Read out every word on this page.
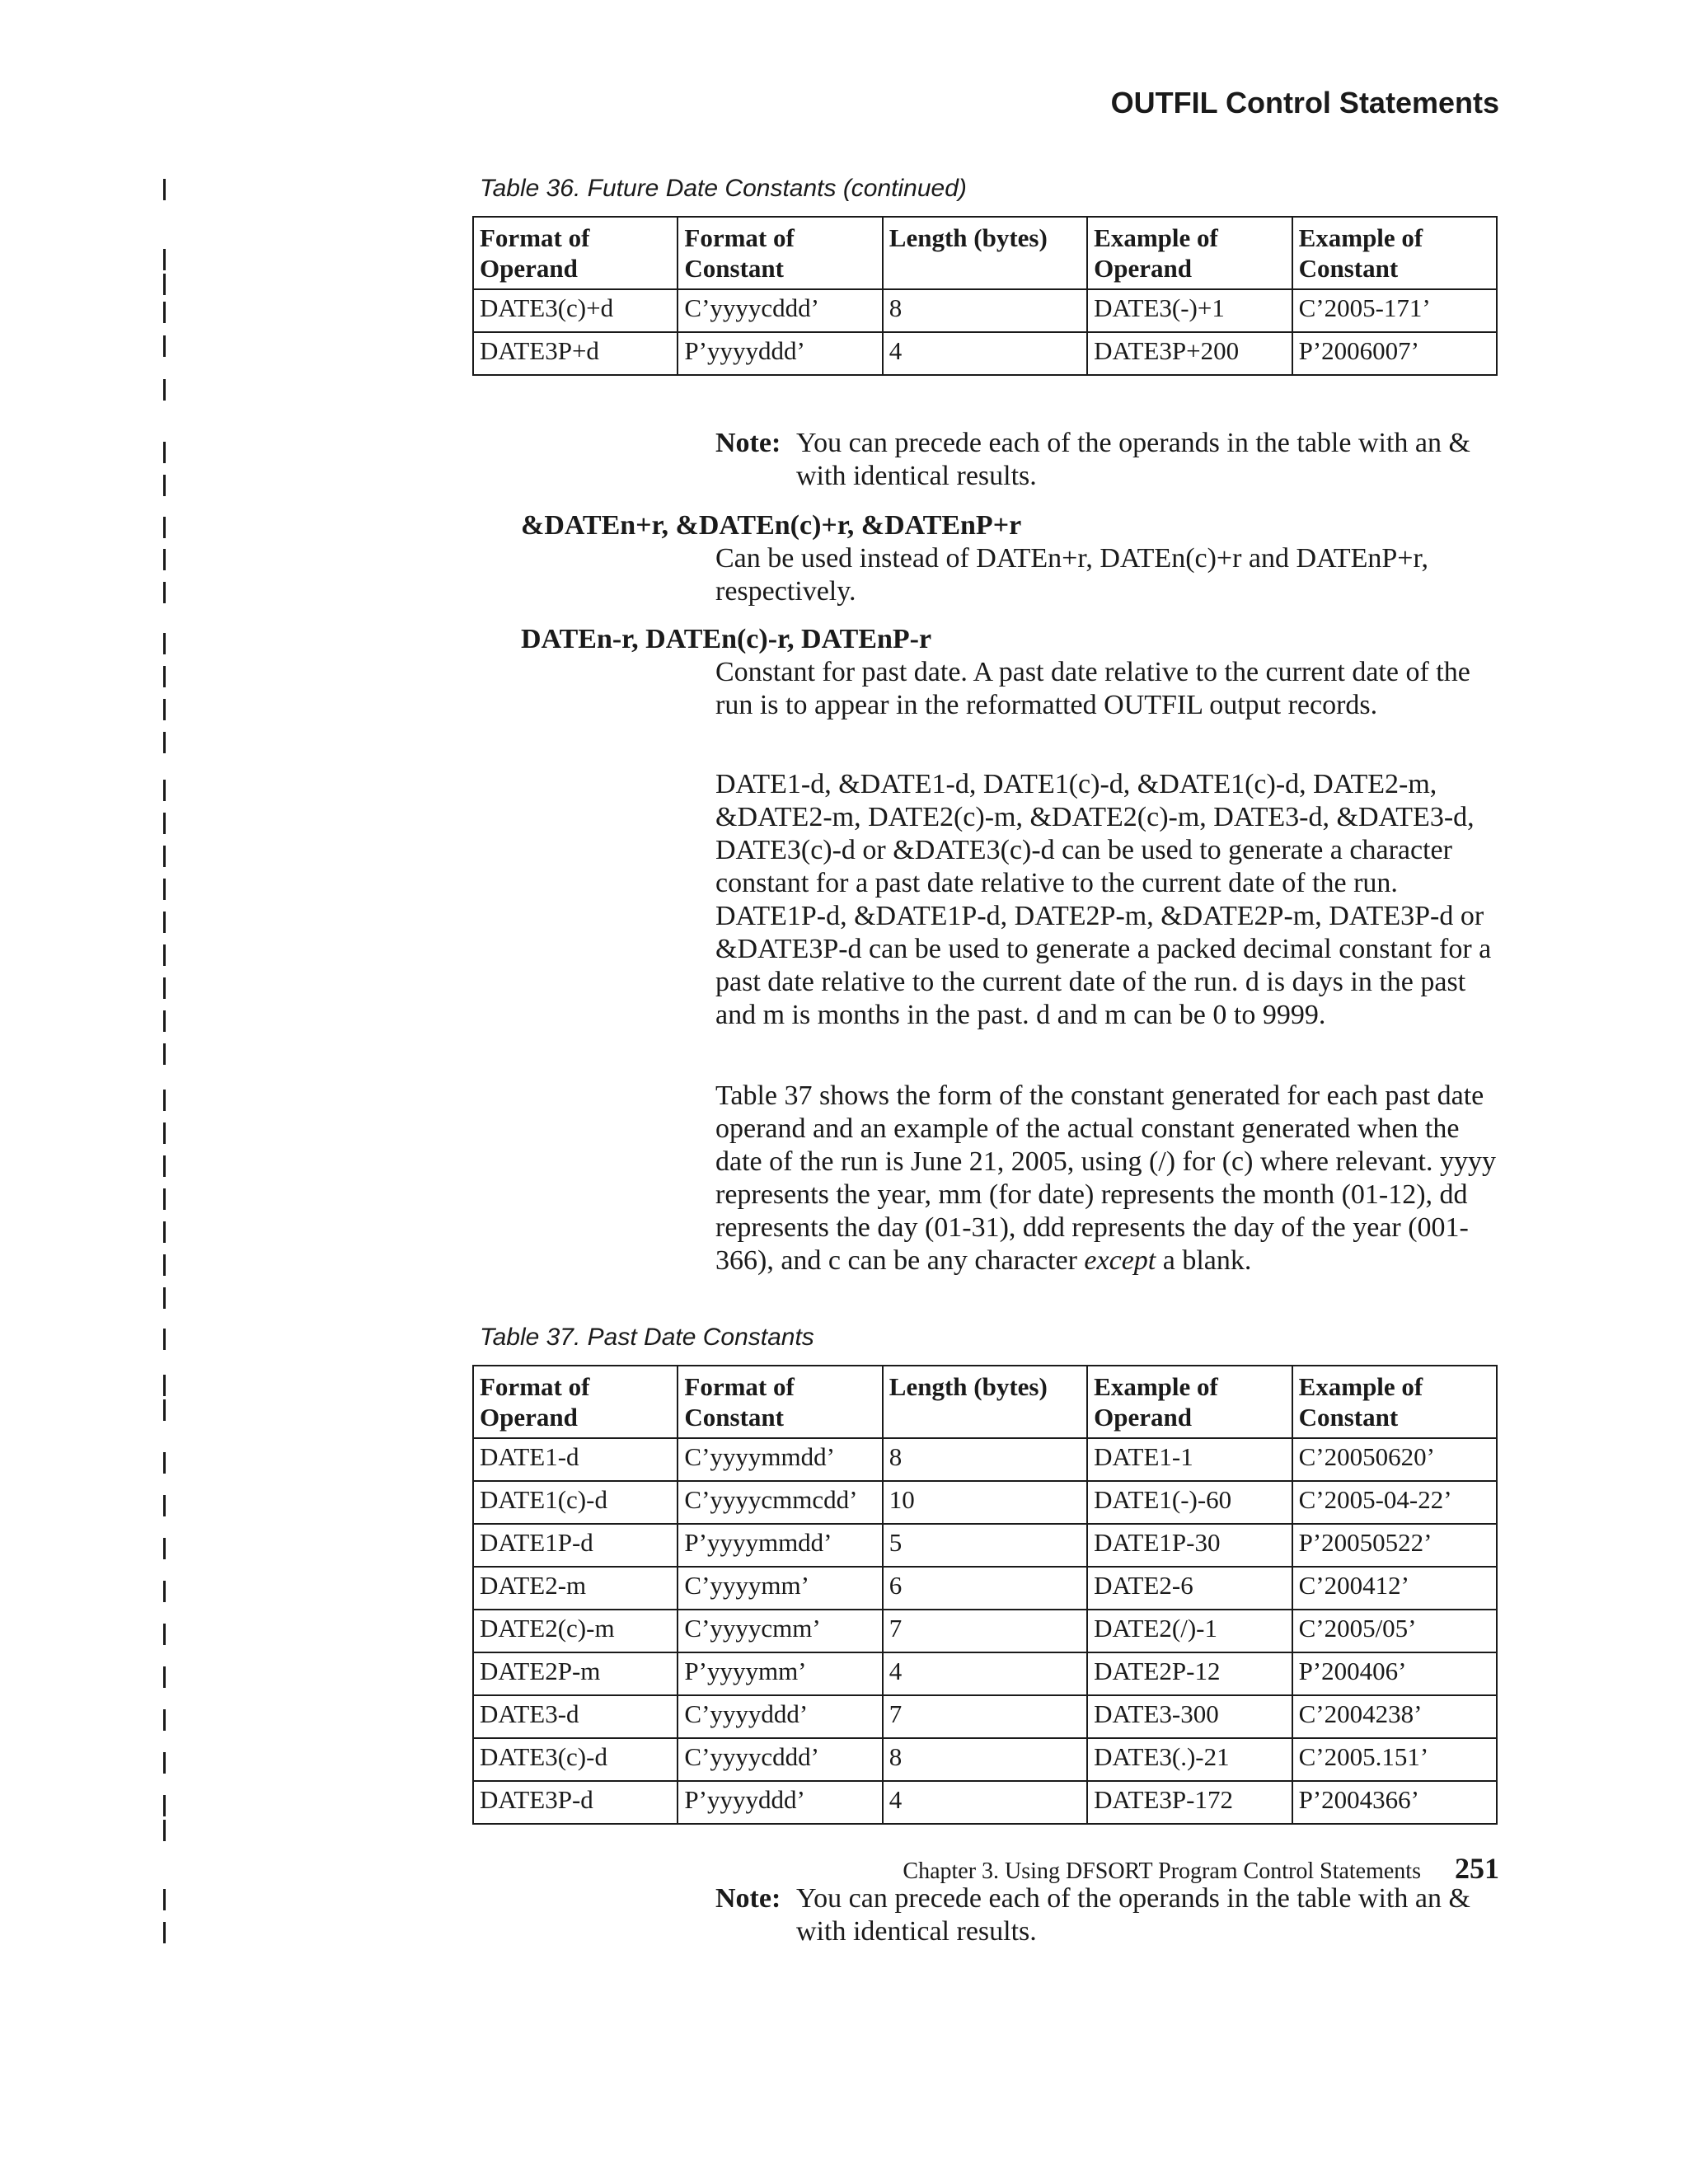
OUTFIL Control Statements
Table 36. Future Date Constants (continued)
Format of Operand	Format of Constant	Length (bytes)	Example of Operand	Example of Constant
DATE3(c)+d	C’yyyycddd’	8	DATE3(-)+1	C’2005-171’
DATE3P+d	P’yyyyddd’	4	DATE3P+200	P’2006007’
Note: You can precede each of the operands in the table with an & with identical results.
&DATEn+r, &DATEn(c)+r, &DATEnP+r
Can be used instead of DATEn+r, DATEn(c)+r and DATEnP+r, respectively.
DATEn-r, DATEn(c)-r, DATEnP-r
Constant for past date. A past date relative to the current date of the run is to appear in the reformatted OUTFIL output records.
DATE1-d, &DATE1-d, DATE1(c)-d, &DATE1(c)-d, DATE2-m, &DATE2-m, DATE2(c)-m, &DATE2(c)-m, DATE3-d, &DATE3-d, DATE3(c)-d or &DATE3(c)-d can be used to generate a character constant for a past date relative to the current date of the run. DATE1P-d, &DATE1P-d, DATE2P-m, &DATE2P-m, DATE3P-d or &DATE3P-d can be used to generate a packed decimal constant for a past date relative to the current date of the run. d is days in the past and m is months in the past. d and m can be 0 to 9999.
Table 37 shows the form of the constant generated for each past date operand and an example of the actual constant generated when the date of the run is June 21, 2005, using (/) for (c) where relevant. yyyy represents the year, mm (for date) represents the month (01-12), dd represents the day (01-31), ddd represents the day of the year (001-366), and c can be any character except a blank.
Table 37. Past Date Constants
Format of Operand	Format of Constant	Length (bytes)	Example of Operand	Example of Constant
DATE1-d	C’yyyymmdd’	8	DATE1-1	C’20050620’
DATE1(c)-d	C’yyyycmmcdd’	10	DATE1(-)-60	C’2005-04-22’
DATE1P-d	P’yyyymmdd’	5	DATE1P-30	P’20050522’
DATE2-m	C’yyyymm’	6	DATE2-6	C’200412’
DATE2(c)-m	C’yyyycmm’	7	DATE2(/)-1	C’2005/05’
DATE2P-m	P’yyyymm’	4	DATE2P-12	P’200406’
DATE3-d	C’yyyyddd’	7	DATE3-300	C’2004238’
DATE3(c)-d	C’yyyycddd’	8	DATE3(.)-21	C’2005.151’
DATE3P-d	P’yyyyddd’	4	DATE3P-172	P’2004366’
Note: You can precede each of the operands in the table with an & with identical results.
Chapter 3. Using DFSORT Program Control Statements 251
